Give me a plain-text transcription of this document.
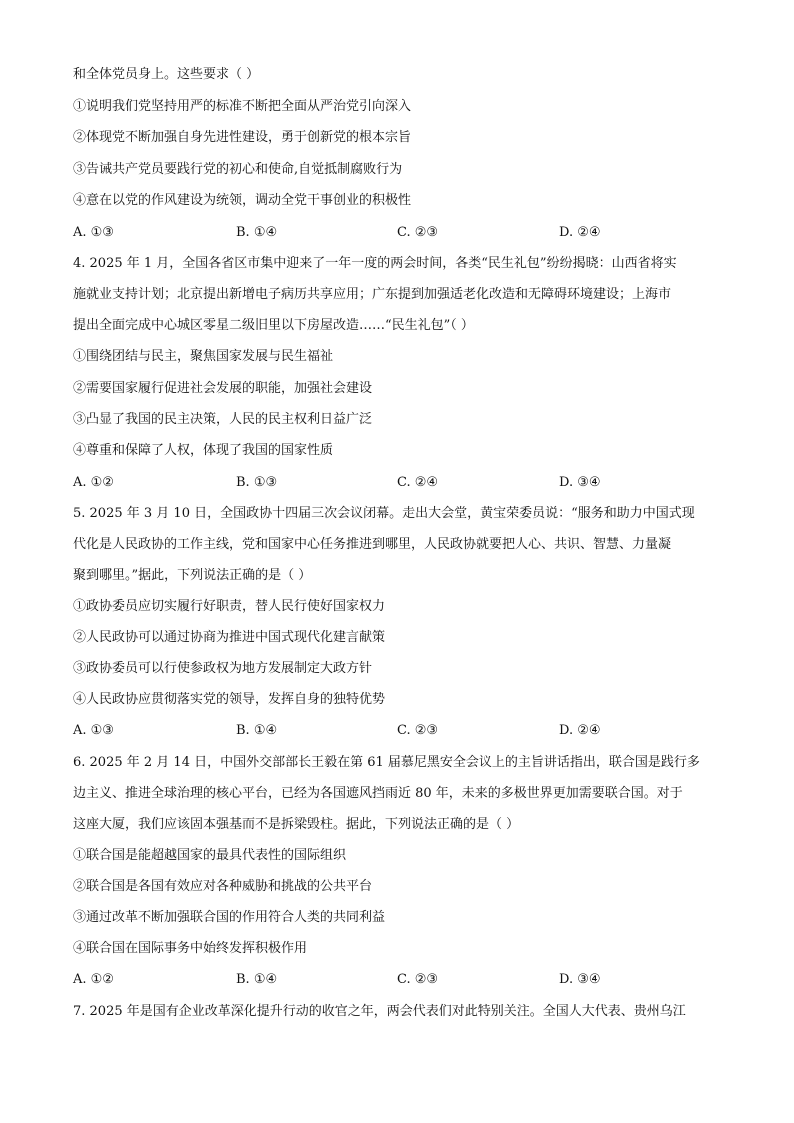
和全体党员身上。这些要求（ ）
①说明我们党坚持用严的标准不断把全面从严治党引向深入
②体现党不断加强自身先进性建设，勇于创新党的根本宗旨
③告诫共产党员要践行党的初心和使命,自觉抵制腐败行为
④意在以党的作风建设为统领，调动全党干事创业的积极性
A. ①③	B. ①④	C. ②③	D. ②④
4. 2025 年 1 月，全国各省区市集中迎来了一年一度的两会时间，各类“民生礼包”纷纷揭晓：山西省将实
施就业支持计划；北京提出新增电子病历共享应用；广东提到加强适老化改造和无障碍环境建设；上海市
提出全面完成中心城区零星二级旧里以下房屋改造……“民生礼包”（ ）
①围绕团结与民主，聚焦国家发展与民生福祉
②需要国家履行促进社会发展的职能，加强社会建设
③凸显了我国的民主决策，人民的民主权利日益广泛
④尊重和保障了人权，体现了我国的国家性质
A. ①②	B. ①③	C. ②④	D. ③④
5. 2025 年 3 月 10 日，全国政协十四届三次会议闭幕。走出大会堂，黄宝荣委员说：“服务和助力中国式现
代化是人民政协的工作主线，党和国家中心任务推进到哪里，人民政协就要把人心、共识、智慧、力量凝
聚到哪里。”据此，下列说法正确的是（ ）
①政协委员应切实履行好职责，替人民行使好国家权力
②人民政协可以通过协商为推进中国式现代化建言献策
③政协委员可以行使参政权为地方发展制定大政方针
④人民政协应贯彻落实党的领导，发挥自身的独特优势
A. ①③	B. ①④	C. ②③	D. ②④
6. 2025 年 2 月 14 日，中国外交部部长王毅在第 61 届慕尼黑安全会议上的主旨讲话指出，联合国是践行多
边主义、推进全球治理的核心平台，已经为各国遮风挡雨近 80 年，未来的多极世界更加需要联合国。对于
这座大厦，我们应该固本强基而不是拆梁毁柱。据此，下列说法正确的是（ ）
①联合国是能超越国家的最具代表性的国际组织
②联合国是各国有效应对各种威胁和挑战的公共平台
③通过改革不断加强联合国的作用符合人类的共同利益
④联合国在国际事务中始终发挥积极作用
A. ①②	B. ①④	C. ②③	D. ③④
7. 2025 年是国有企业改革深化提升行动的收官之年，两会代表们对此特别关注。全国人大代表、贵州乌江
